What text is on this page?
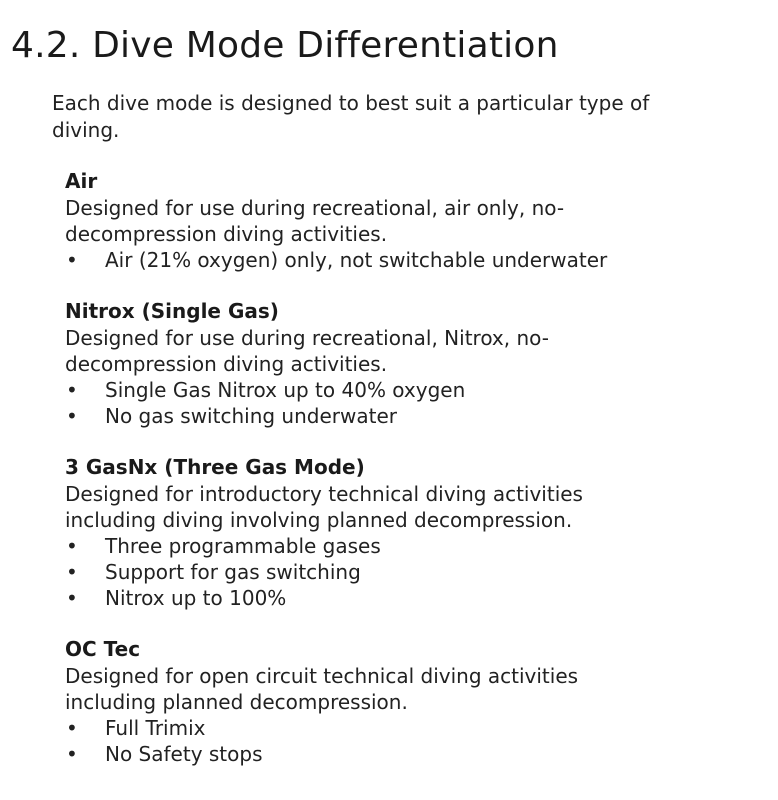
4.2. Dive Mode Differentiation

Each dive mode is designed to best suit a particular type of diving.

Air

Designed for use during recreational, air only, no-decompression diving activities.

• Air (21% oxygen) only, not switchable underwater

Nitrox (Single Gas)

Designed for use during recreational, Nitrox, no-decompression diving activities.

• Single Gas Nitrox up to 40% oxygen
• No gas switching underwater

3 GasNx (Three Gas Mode)

Designed for introductory technical diving activities including diving involving planned decompression.

• Three programmable gases
• Support for gas switching
• Nitrox up to 100%

OC Tec

Designed for open circuit technical diving activities including planned decompression.

• Full Trimix
• No Safety stops
